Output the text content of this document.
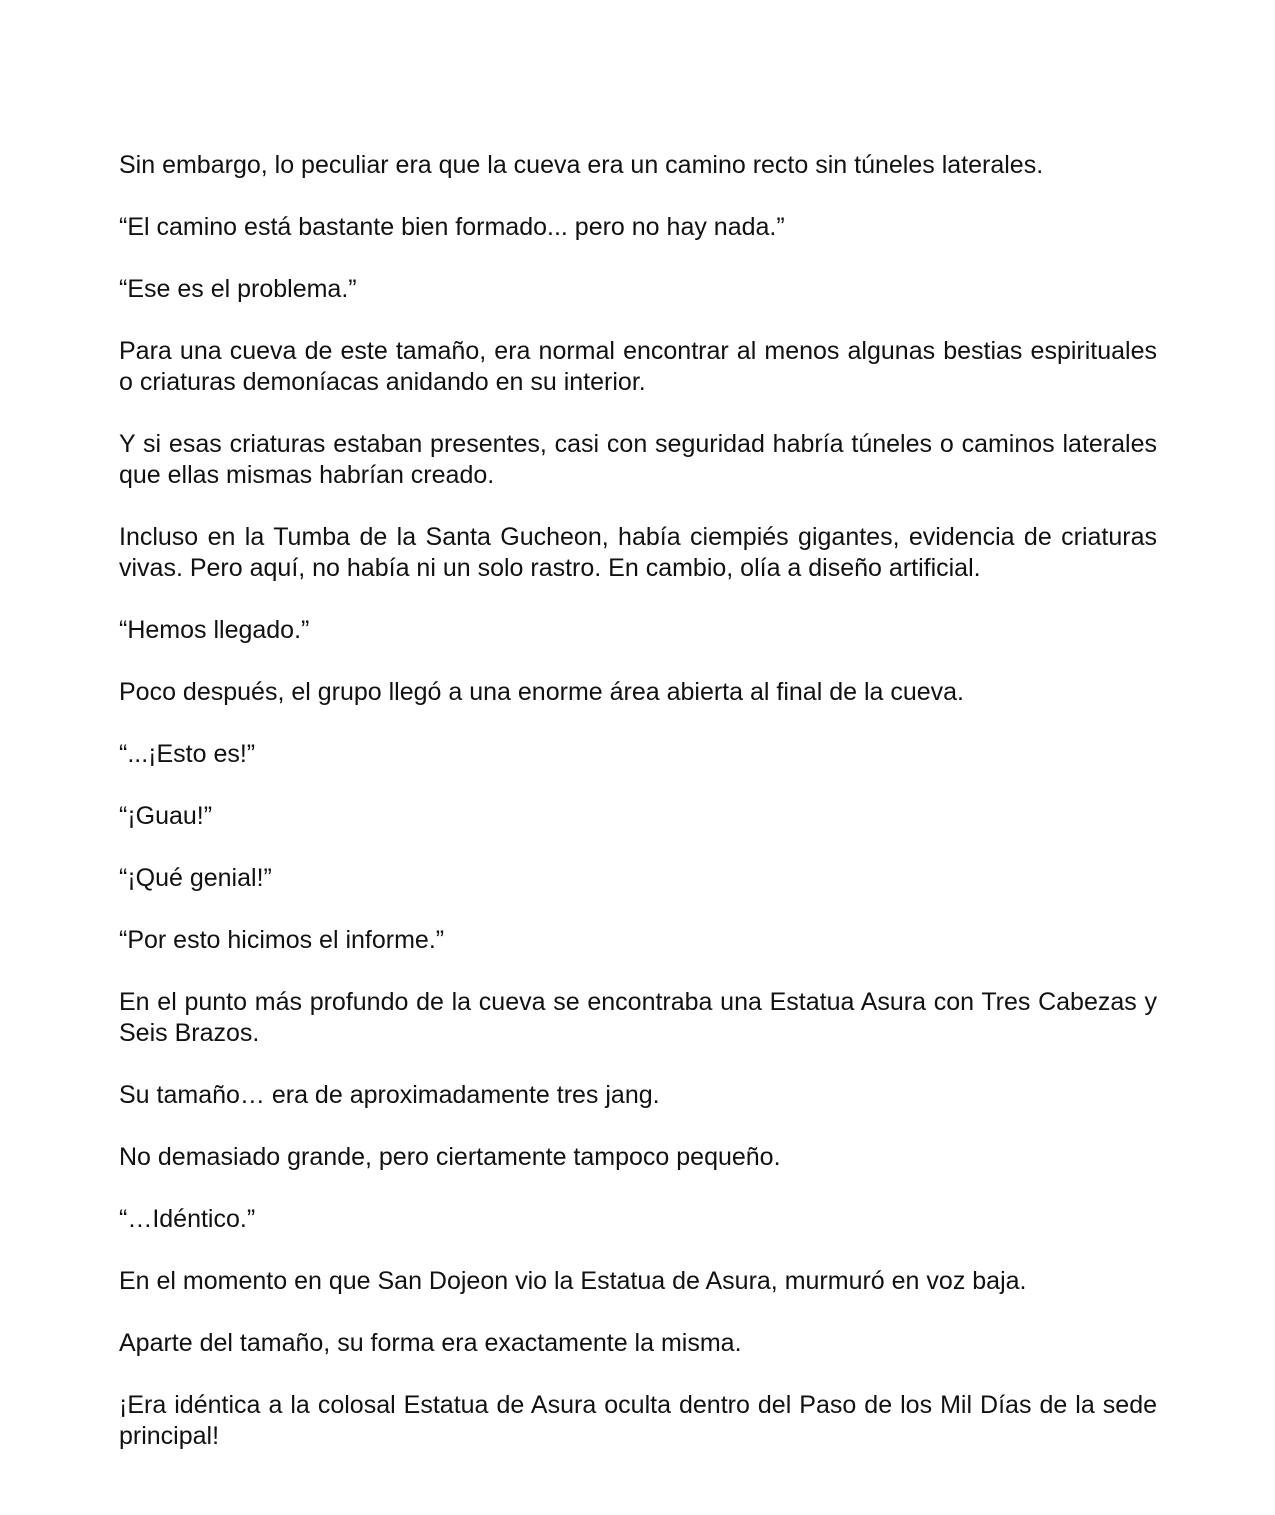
Sin embargo, lo peculiar era que la cueva era un camino recto sin túneles laterales.

“El camino está bastante bien formado... pero no hay nada.”

“Ese es el problema.”

Para una cueva de este tamaño, era normal encontrar al menos algunas bestias espirituales o criaturas demoníacas anidando en su interior.

Y si esas criaturas estaban presentes, casi con seguridad habría túneles o caminos laterales que ellas mismas habrían creado.

Incluso en la Tumba de la Santa Gucheon, había ciempiés gigantes, evidencia de criaturas vivas. Pero aquí, no había ni un solo rastro. En cambio, olía a diseño artificial.

“Hemos llegado.”

Poco después, el grupo llegó a una enorme área abierta al final de la cueva.

“...¡Esto es!”

“¡Guau!”

“¡Qué genial!”

“Por esto hicimos el informe.”

En el punto más profundo de la cueva se encontraba una Estatua Asura con Tres Cabezas y Seis Brazos.

Su tamaño… era de aproximadamente tres jang.

No demasiado grande, pero ciertamente tampoco pequeño.

“…Idéntico.”

En el momento en que San Dojeon vio la Estatua de Asura, murmuró en voz baja.

Aparte del tamaño, su forma era exactamente la misma.

¡Era idéntica a la colosal Estatua de Asura oculta dentro del Paso de los Mil Días de la sede principal!
